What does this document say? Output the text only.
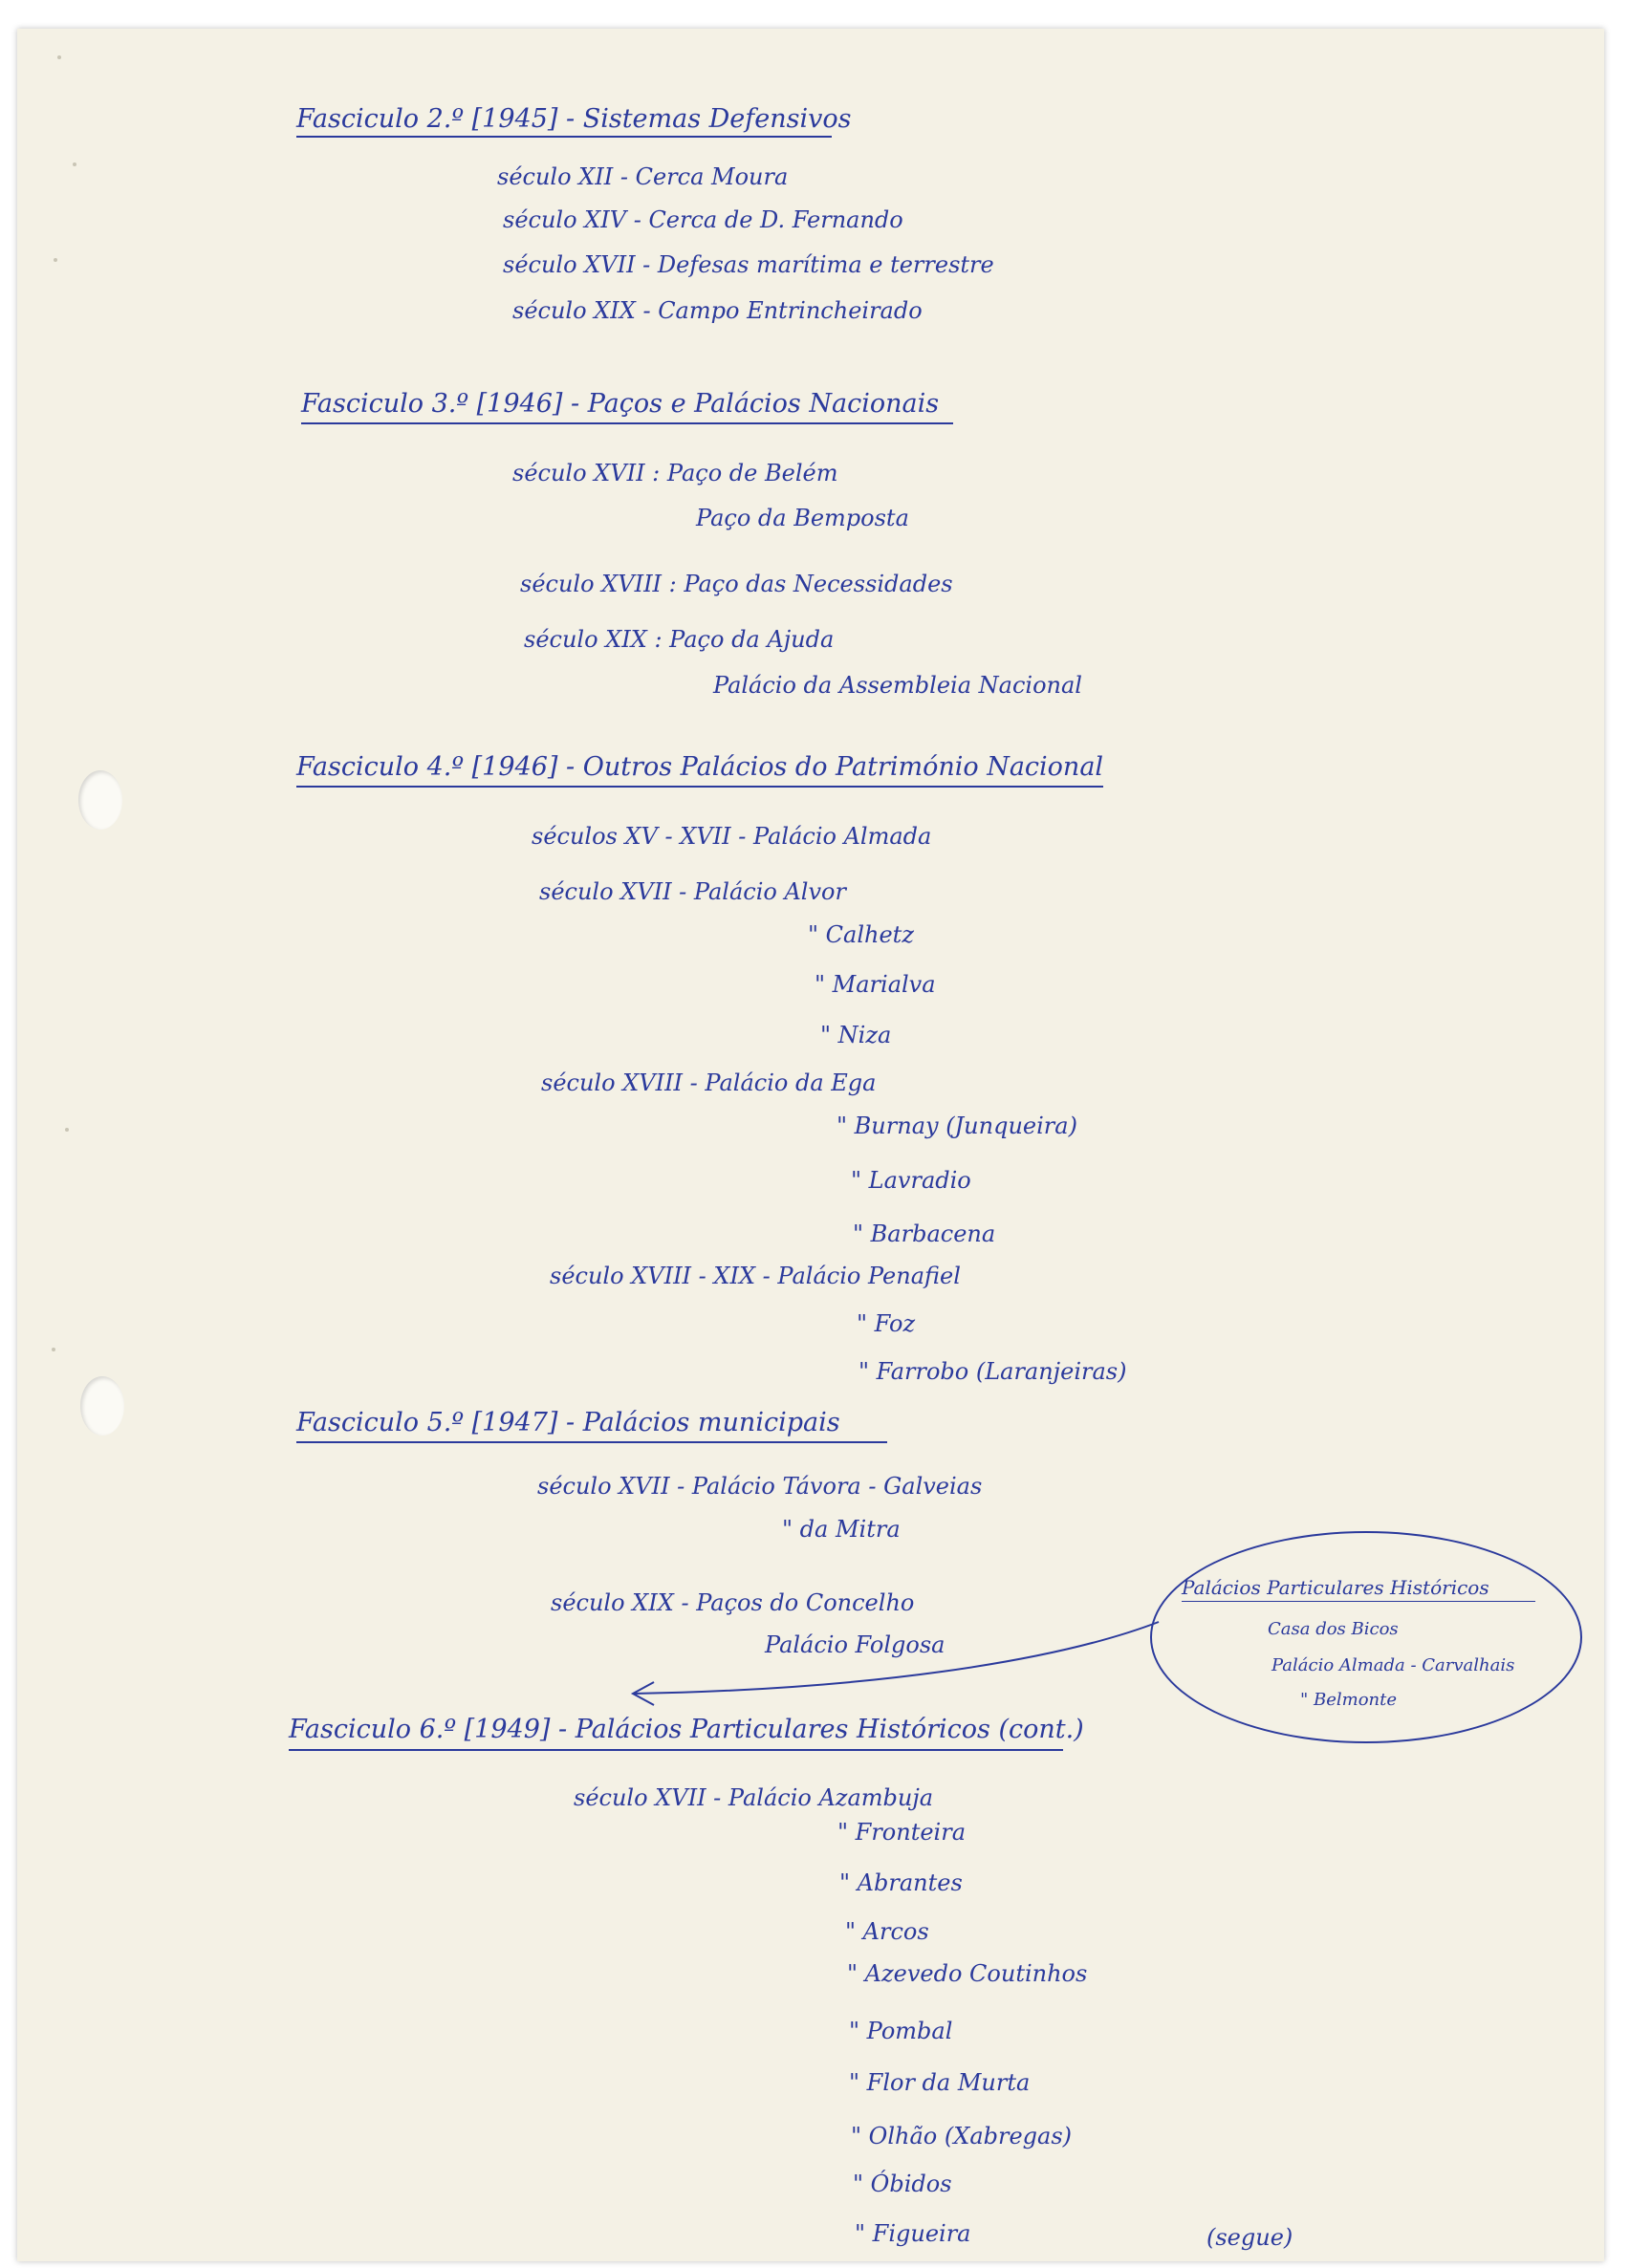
Fasciculo 2.º [1945] - Sistemas Defensivos
século XII - Cerca Moura
século XIV - Cerca de D. Fernando
século XVII - Defesas marítima e terrestre
século XIX - Campo Entrincheirado
Fasciculo 3.º [1946] - Paços e Palácios Nacionais
século XVII : Paço de Belém
Paço da Bemposta
século XVIII : Paço das Necessidades
século XIX : Paço da Ajuda
Palácio da Assembleia Nacional
Fasciculo 4.º [1946] - Outros Palácios do Património Nacional
séculos XV - XVII - Palácio Almada
século XVII - Palácio Alvor
" Calhetz
" Marialva
" Niza
século XVIII - Palácio da Ega
" Burnay (Junqueira)
" Lavradio
" Barbacena
século XVIII - XIX - Palácio Penafiel
" Foz
" Farrobo (Laranjeiras)
Fasciculo 5.º [1947] - Palácios municipais
século XVII - Palácio Távora - Galveias
" da Mitra
século XIX - Paços do Concelho
Palácio Folgosa
Palácios Particulares Históricos
Casa dos Bicos
Palácio Almada - Carvalhais
" Belmonte
Fasciculo 6.º [1949] - Palácios Particulares Históricos (cont.)
século XVII - Palácio Azambuja
" Fronteira
" Abrantes
" Arcos
" Azevedo Coutinhos
" Pombal
" Flor da Murta
" Olhão (Xabregas)
" Óbidos
" Figueira	(segue)
